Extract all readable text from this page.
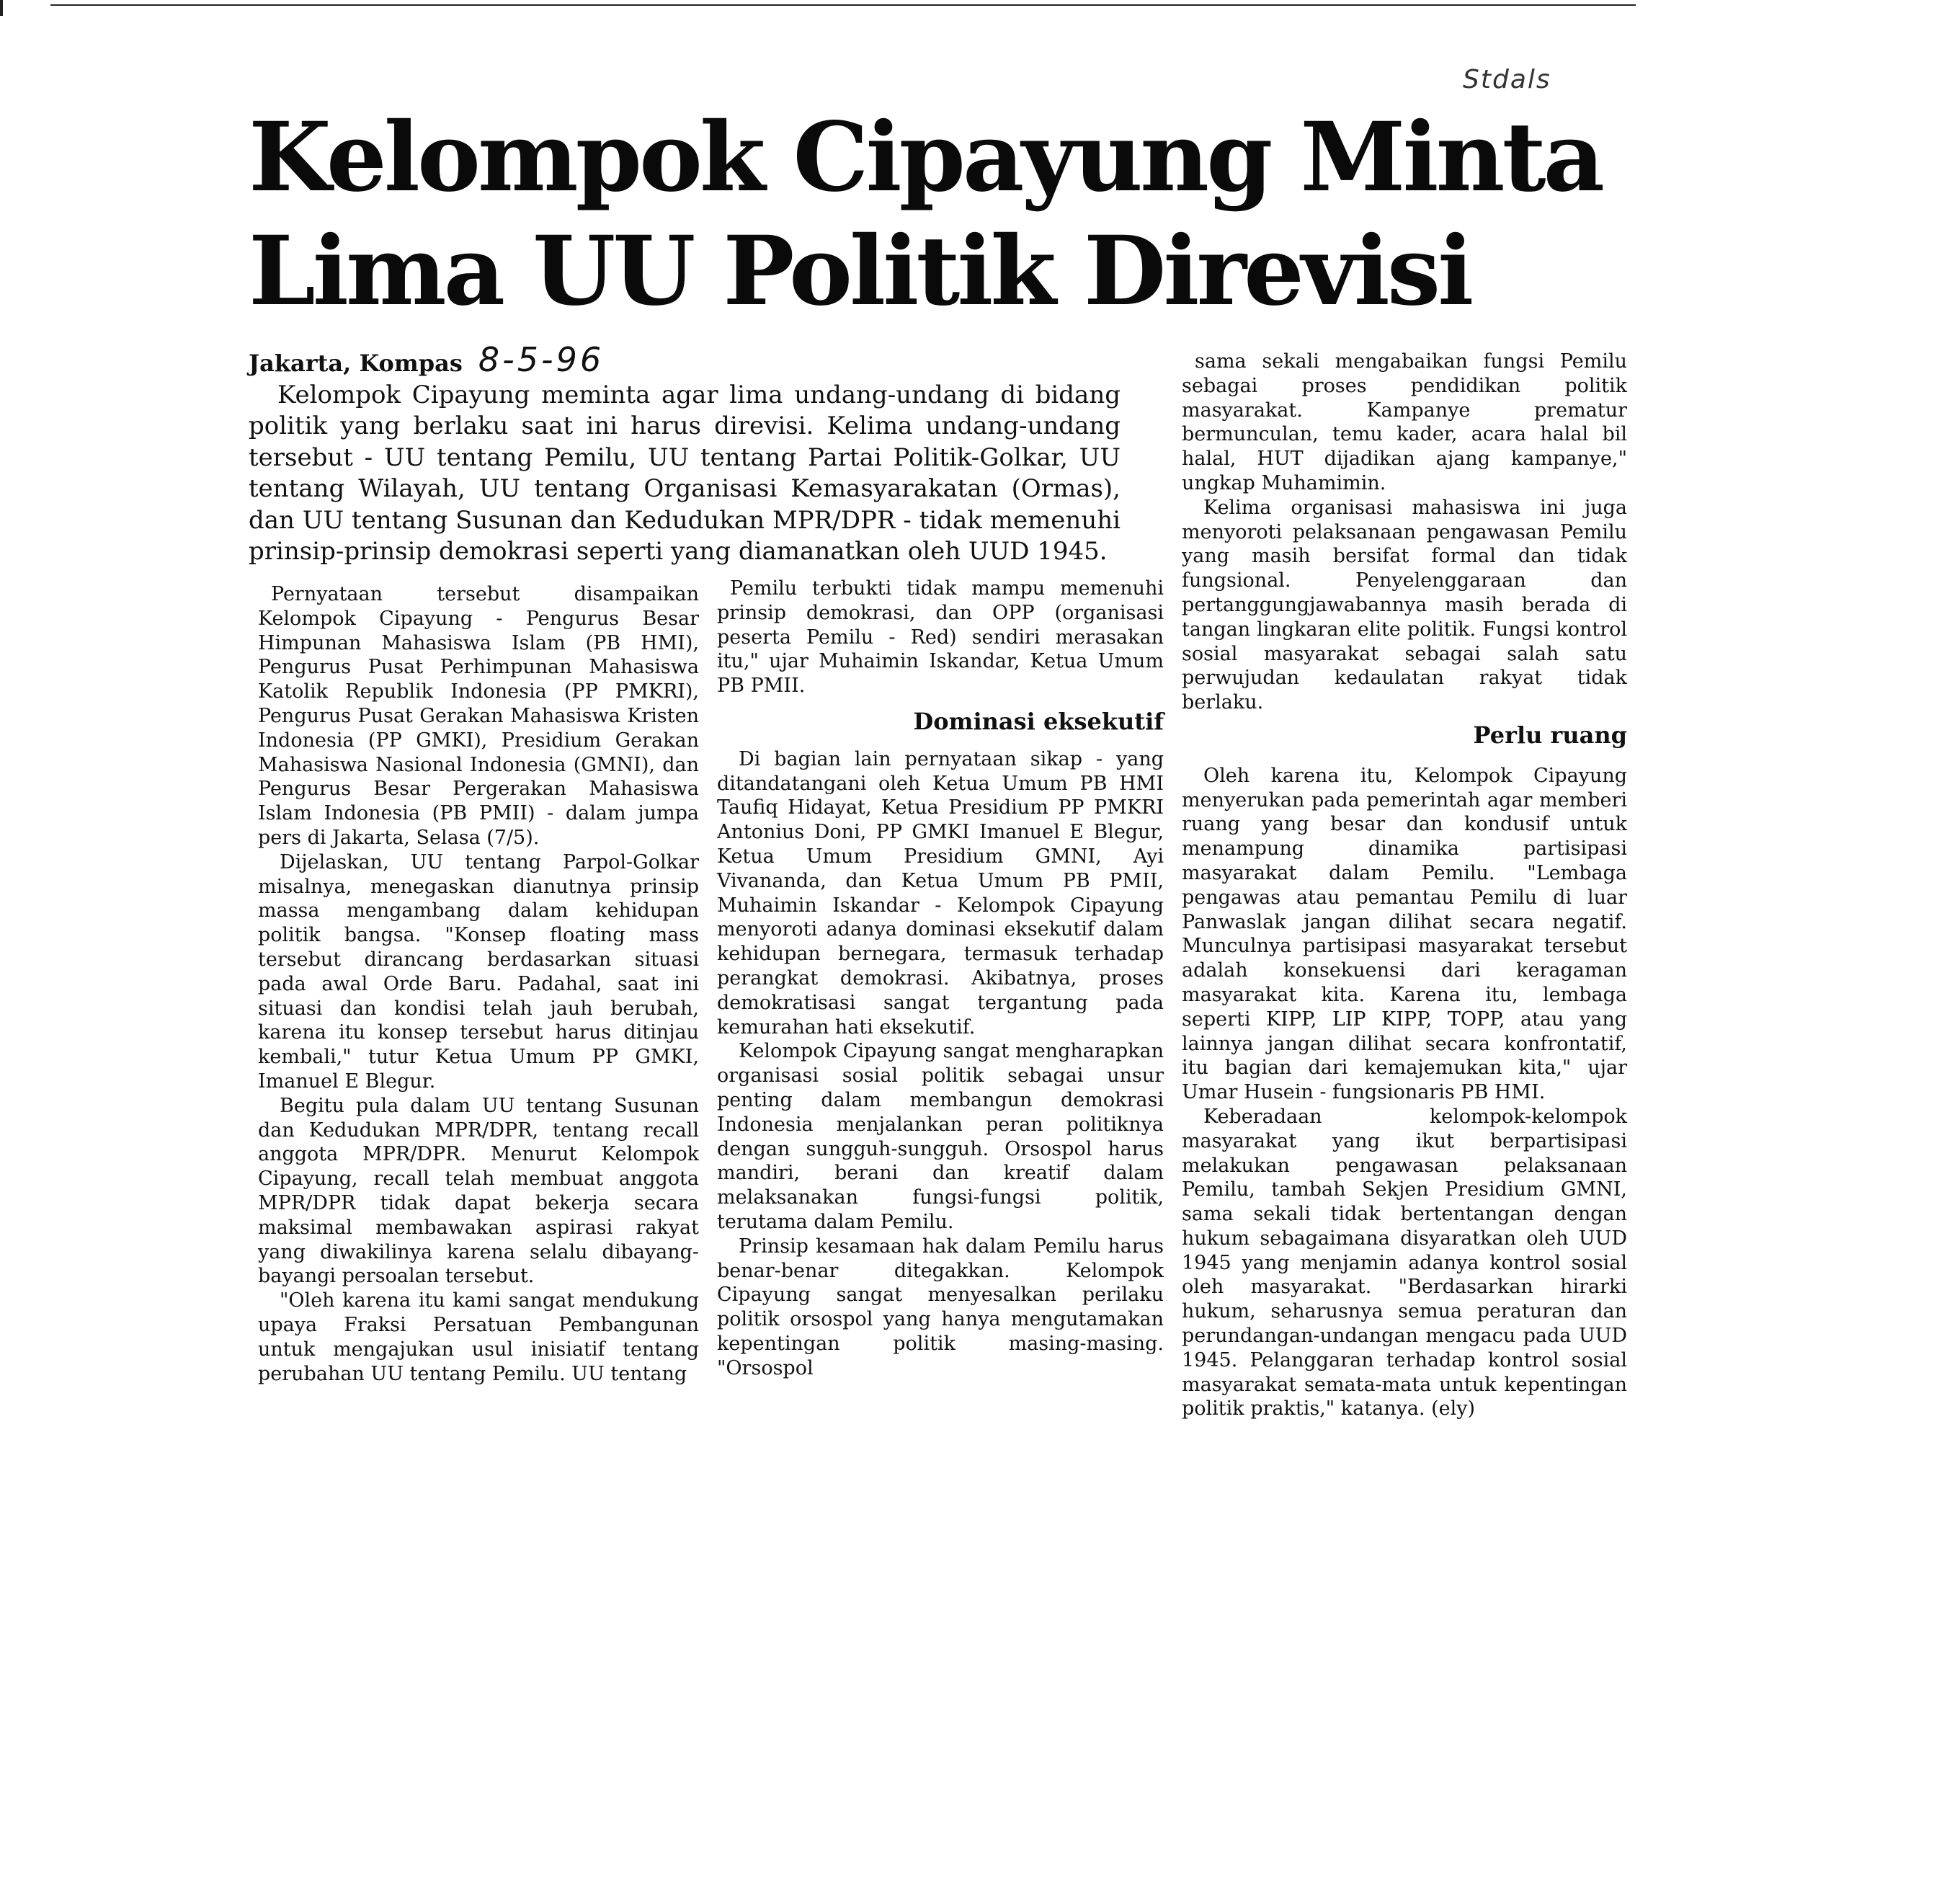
Stdals
Kelompok Cipayung Minta Lima UU Politik Direvisi
Jakarta, Kompas 8-5-96

Kelompok Cipayung meminta agar lima undang-undang di bidang politik yang berlaku saat ini harus direvisi. Kelima undang-undang tersebut - UU tentang Pemilu, UU tentang Partai Politik-Golkar, UU tentang Wilayah, UU tentang Organisasi Kemasyarakatan (Ormas), dan UU tentang Susunan dan Kedudukan MPR/DPR - tidak memenuhi prinsip-prinsip demokrasi seperti yang diamanatkan oleh UUD 1945.

Pernyataan tersebut disampaikan Kelompok Cipayung - Pengurus Besar Himpunan Mahasiswa Islam (PB HMI), Pengurus Pusat Perhimpunan Mahasiswa Katolik Republik Indonesia (PP PMKRI), Pengurus Pusat Gerakan Mahasiswa Kristen Indonesia (PP GMKI), Presidium Gerakan Mahasiswa Nasional Indonesia (GMNI), dan Pengurus Besar Pergerakan Mahasiswa Islam Indonesia (PB PMII) - dalam jumpa pers di Jakarta, Selasa (7/5).

Dijelaskan, UU tentang Parpol-Golkar misalnya, menegaskan dianutnya prinsip massa mengambang dalam kehidupan politik bangsa. "Konsep floating mass tersebut dirancang berdasarkan situasi pada awal Orde Baru. Padahal, saat ini situasi dan kondisi telah jauh berubah, karena itu konsep tersebut harus ditinjau kembali," tutur Ketua Umum PP GMKI, Imanuel E Blegur.

Begitu pula dalam UU tentang Susunan dan Kedudukan MPR/DPR, tentang recall anggota MPR/DPR. Menurut Kelompok Cipayung, recall telah membuat anggota MPR/DPR tidak dapat bekerja secara maksimal membawakan aspirasi rakyat yang diwakilinya karena selalu dibayang-bayangi persoalan tersebut.

"Oleh karena itu kami sangat mendukung upaya Fraksi Persatuan Pembangunan untuk mengajukan usul inisiatif tentang perubahan UU tentang Pemilu. UU tentang

Pemilu terbukti tidak mampu memenuhi prinsip demokrasi, dan OPP (organisasi peserta Pemilu - Red) sendiri merasakan itu," ujar Muhaimin Iskandar, Ketua Umum PB PMII.

Dominasi eksekutif

Di bagian lain pernyataan sikap - yang ditandatangani oleh Ketua Umum PB HMI Taufiq Hidayat, Ketua Presidium PP PMKRI Antonius Doni, PP GMKI Imanuel E Blegur, Ketua Umum Presidium GMNI, Ayi Vivananda, dan Ketua Umum PB PMII, Muhaimin Iskandar - Kelompok Cipayung menyoroti adanya dominasi eksekutif dalam kehidupan bernegara, termasuk terhadap perangkat demokrasi. Akibatnya, proses demokratisasi sangat tergantung pada kemurahan hati eksekutif.

Kelompok Cipayung sangat mengharapkan organisasi sosial politik sebagai unsur penting dalam membangun demokrasi Indonesia menjalankan peran politiknya dengan sungguh-sungguh. Orsospol harus mandiri, berani dan kreatif dalam melaksanakan fungsi-fungsi politik, terutama dalam Pemilu.

Prinsip kesamaan hak dalam Pemilu harus benar-benar ditegakkan. Kelompok Cipayung sangat menyesalkan perilaku politik orsospol yang hanya mengutamakan kepentingan politik masing-masing. "Orsospol

sama sekali mengabaikan fungsi Pemilu sebagai proses pendidikan politik masyarakat. Kampanye prematur bermunculan, temu kader, acara halal bil halal, HUT dijadikan ajang kampanye," ungkap Muhamimin.

Kelima organisasi mahasiswa ini juga menyoroti pelaksanaan pengawasan Pemilu yang masih bersifat formal dan tidak fungsional. Penyelenggaraan dan pertanggungjawabannya masih berada di tangan lingkaran elite politik. Fungsi kontrol sosial masyarakat sebagai salah satu perwujudan kedaulatan rakyat tidak berlaku.

Perlu ruang

Oleh karena itu, Kelompok Cipayung menyerukan pada pemerintah agar memberi ruang yang besar dan kondusif untuk menampung dinamika partisipasi masyarakat dalam Pemilu. "Lembaga pengawas atau pemantau Pemilu di luar Panwaslak jangan dilihat secara negatif. Munculnya partisipasi masyarakat tersebut adalah konsekuensi dari keragaman masyarakat kita. Karena itu, lembaga seperti KIPP, LIP KIPP, TOPP, atau yang lainnya jangan dilihat secara konfrontatif, itu bagian dari kemajemukan kita," ujar Umar Husein - fungsionaris PB HMI.

Keberadaan kelompok-kelompok masyarakat yang ikut berpartisipasi melakukan pengawasan pelaksanaan Pemilu, tambah Sekjen Presidium GMNI, sama sekali tidak bertentangan dengan hukum sebagaimana disyaratkan oleh UUD 1945 yang menjamin adanya kontrol sosial oleh masyarakat. "Berdasarkan hirarki hukum, seharusnya semua peraturan dan perundangan-undangan mengacu pada UUD 1945. Pelanggaran terhadap kontrol sosial masyarakat semata-mata untuk kepentingan politik praktis," katanya. (ely)
